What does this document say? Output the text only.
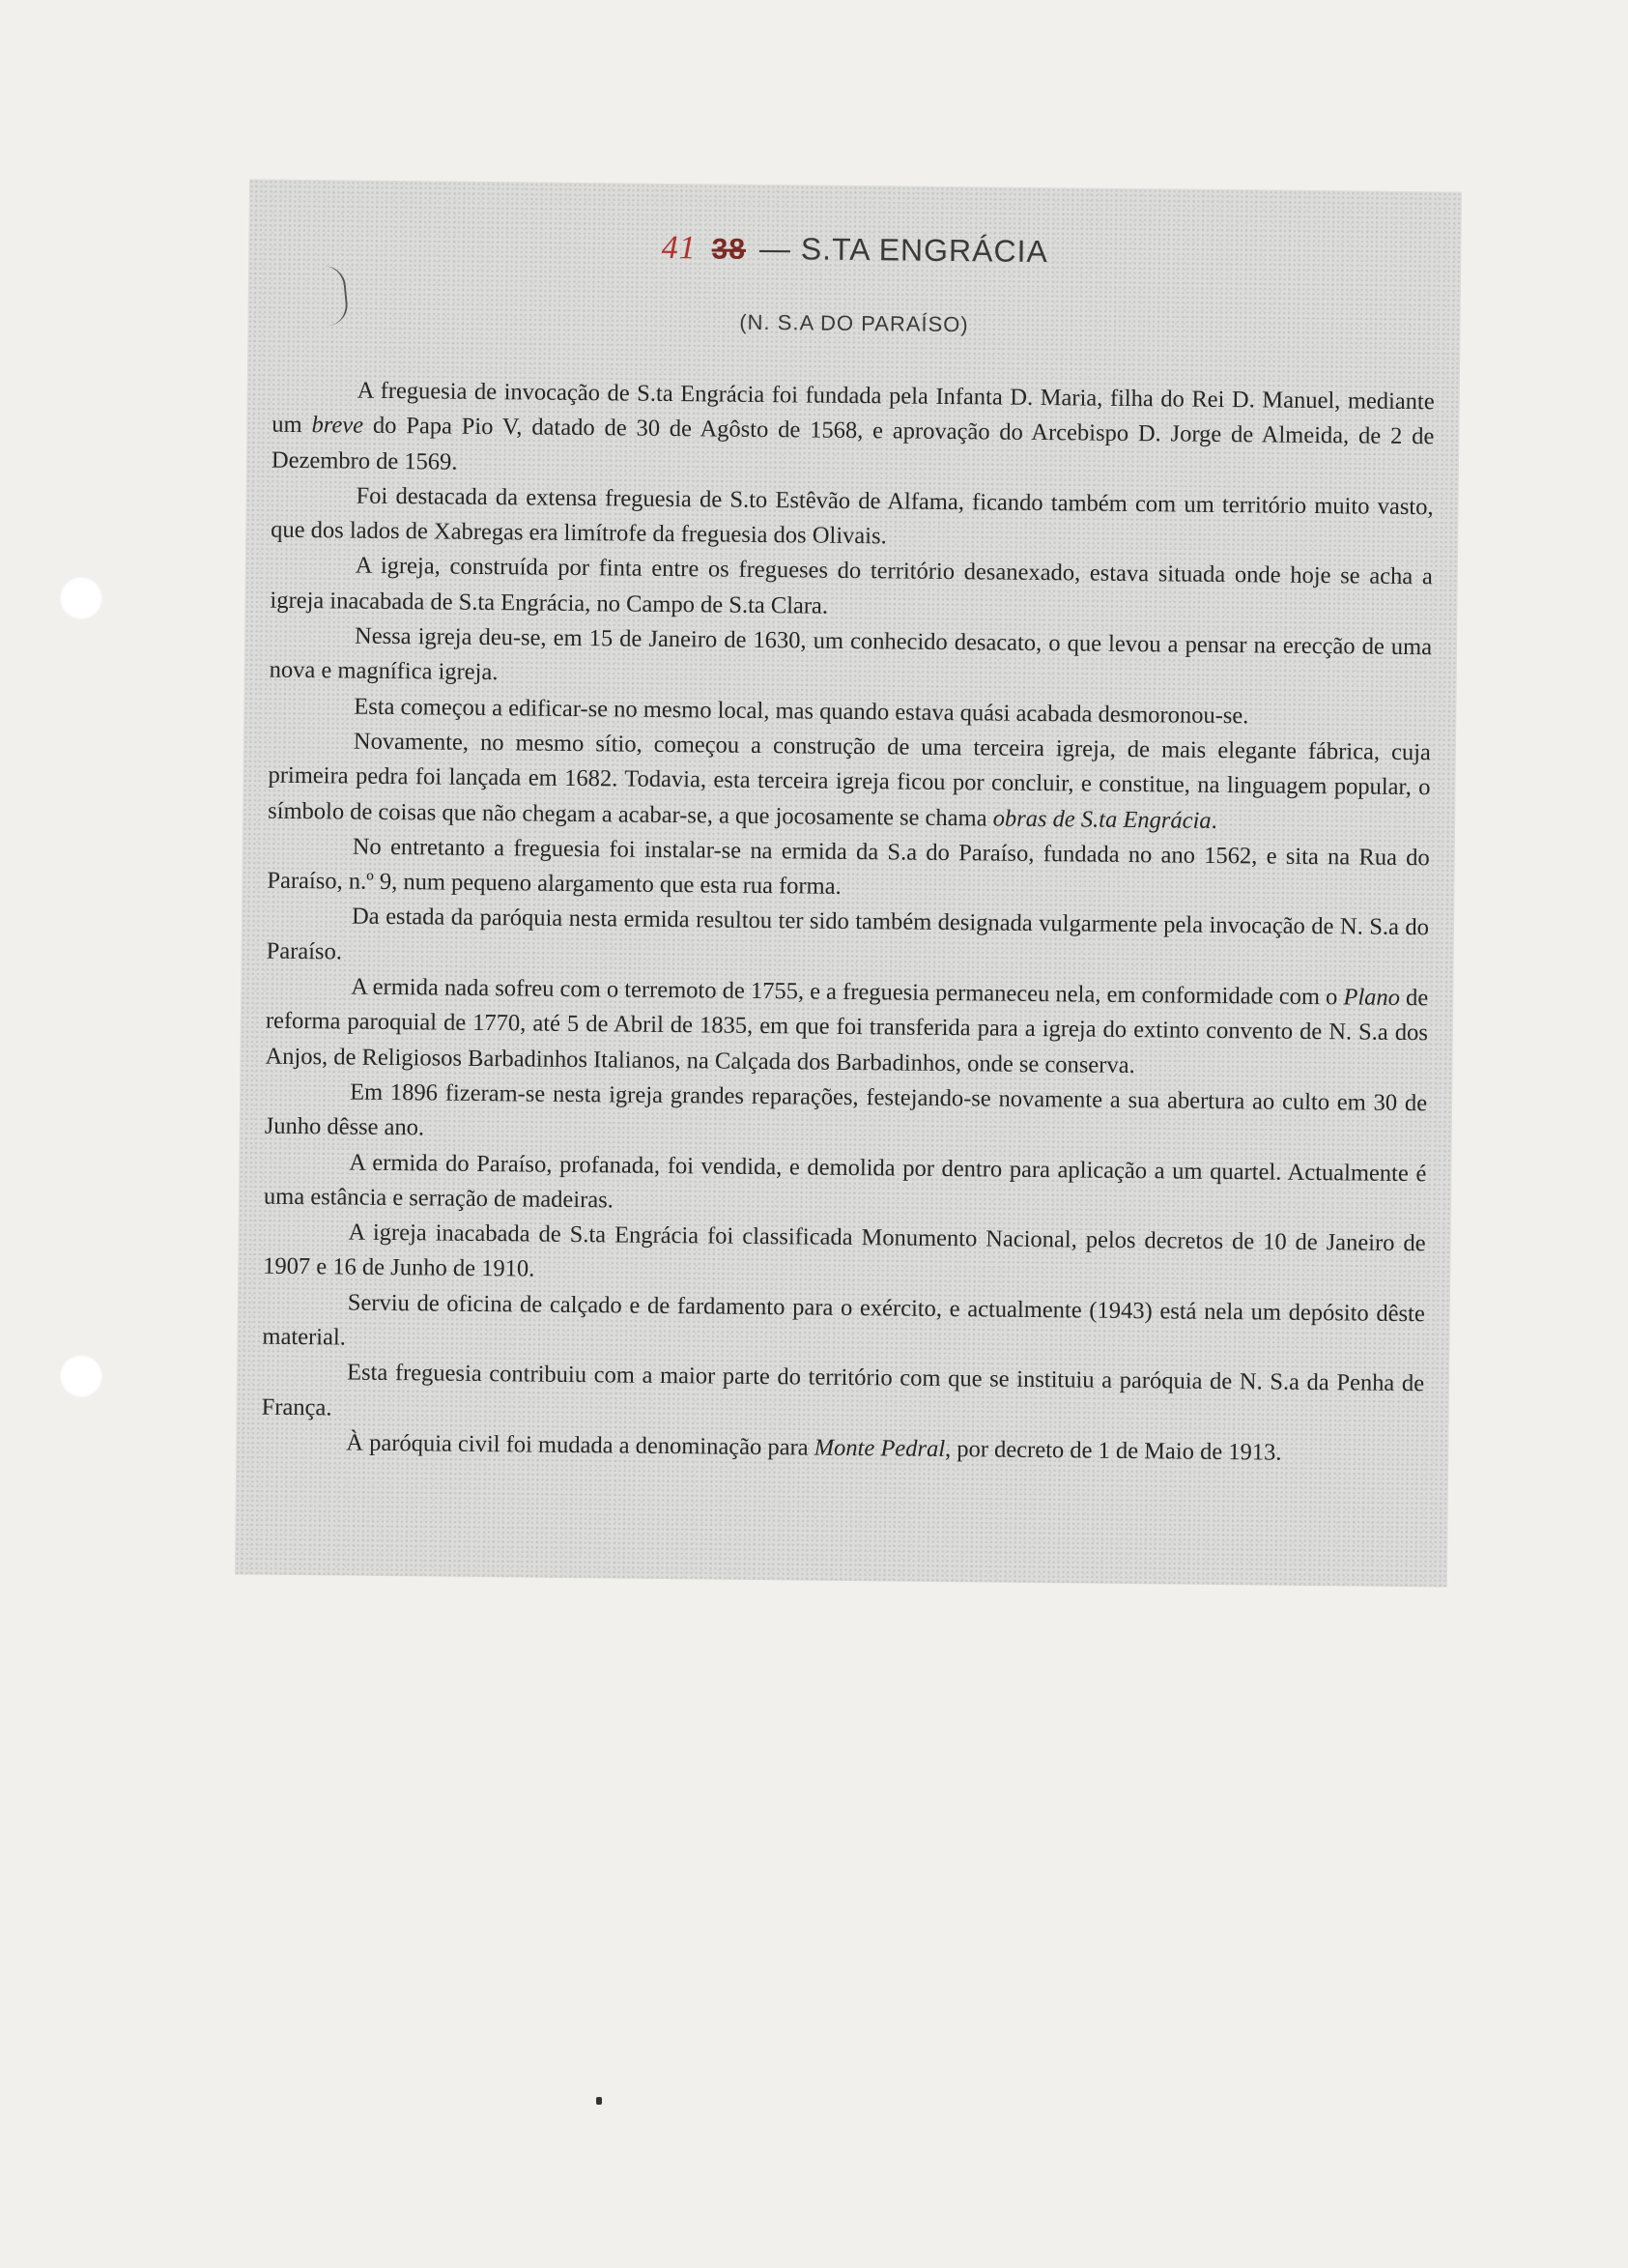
41 38 — S.TA ENGRÁCIA
(N. S.A DO PARAÍSO)

A freguesia de invocação de S.ta Engrácia foi fundada pela Infanta D. Maria, filha do Rei D. Manuel, mediante um breve do Papa Pio V, datado de 30 de Agôsto de 1568, e aprovação do Arcebispo D. Jorge de Almeida, de 2 de Dezembro de 1569.

Foi destacada da extensa freguesia de S.to Estêvão de Alfama, ficando também com um território muito vasto, que dos lados de Xabregas era limítrofe da freguesia dos Olivais.

A igreja, construída por finta entre os fregueses do território desanexado, estava situada onde hoje se acha a igreja inacabada de S.ta Engrácia, no Campo de S.ta Clara.

Nessa igreja deu-se, em 15 de Janeiro de 1630, um conhecido desacato, o que levou a pensar na erecção de uma nova e magnífica igreja.

Esta começou a edificar-se no mesmo local, mas quando estava quási acabada desmoronou-se.

Novamente, no mesmo sítio, começou a construção de uma terceira igreja, de mais elegante fábrica, cuja primeira pedra foi lançada em 1682. Todavia, esta terceira igreja ficou por concluir, e constitue, na linguagem popular, o símbolo de coisas que não chegam a acabar-se, a que jocosamente se chama obras de S.ta Engrácia.

No entretanto a freguesia foi instalar-se na ermida da S.a do Paraíso, fundada no ano 1562, e sita na Rua do Paraíso, n.º 9, num pequeno alargamento que esta rua forma.

Da estada da paróquia nesta ermida resultou ter sido também designada vulgarmente pela invocação de N. S.a do Paraíso.

A ermida nada sofreu com o terremoto de 1755, e a freguesia permaneceu nela, em conformidade com o Plano de reforma paroquial de 1770, até 5 de Abril de 1835, em que foi transferida para a igreja do extinto convento de N. S.a dos Anjos, de Religiosos Barbadinhos Italianos, na Calçada dos Barbadinhos, onde se conserva.

Em 1896 fizeram-se nesta igreja grandes reparações, festejando-se novamente a sua abertura ao culto em 30 de Junho dêsse ano.

A ermida do Paraíso, profanada, foi vendida, e demolida por dentro para aplicação a um quartel. Actualmente é uma estância e serração de madeiras.

A igreja inacabada de S.ta Engrácia foi classificada Monumento Nacional, pelos decretos de 10 de Janeiro de 1907 e 16 de Junho de 1910.

Serviu de oficina de calçado e de fardamento para o exército, e actualmente (1943) está nela um depósito dêste material.

Esta freguesia contribuiu com a maior parte do território com que se instituiu a paróquia de N. S.a da Penha de França.

À paróquia civil foi mudada a denominação para Monte Pedral, por decreto de 1 de Maio de 1913.
